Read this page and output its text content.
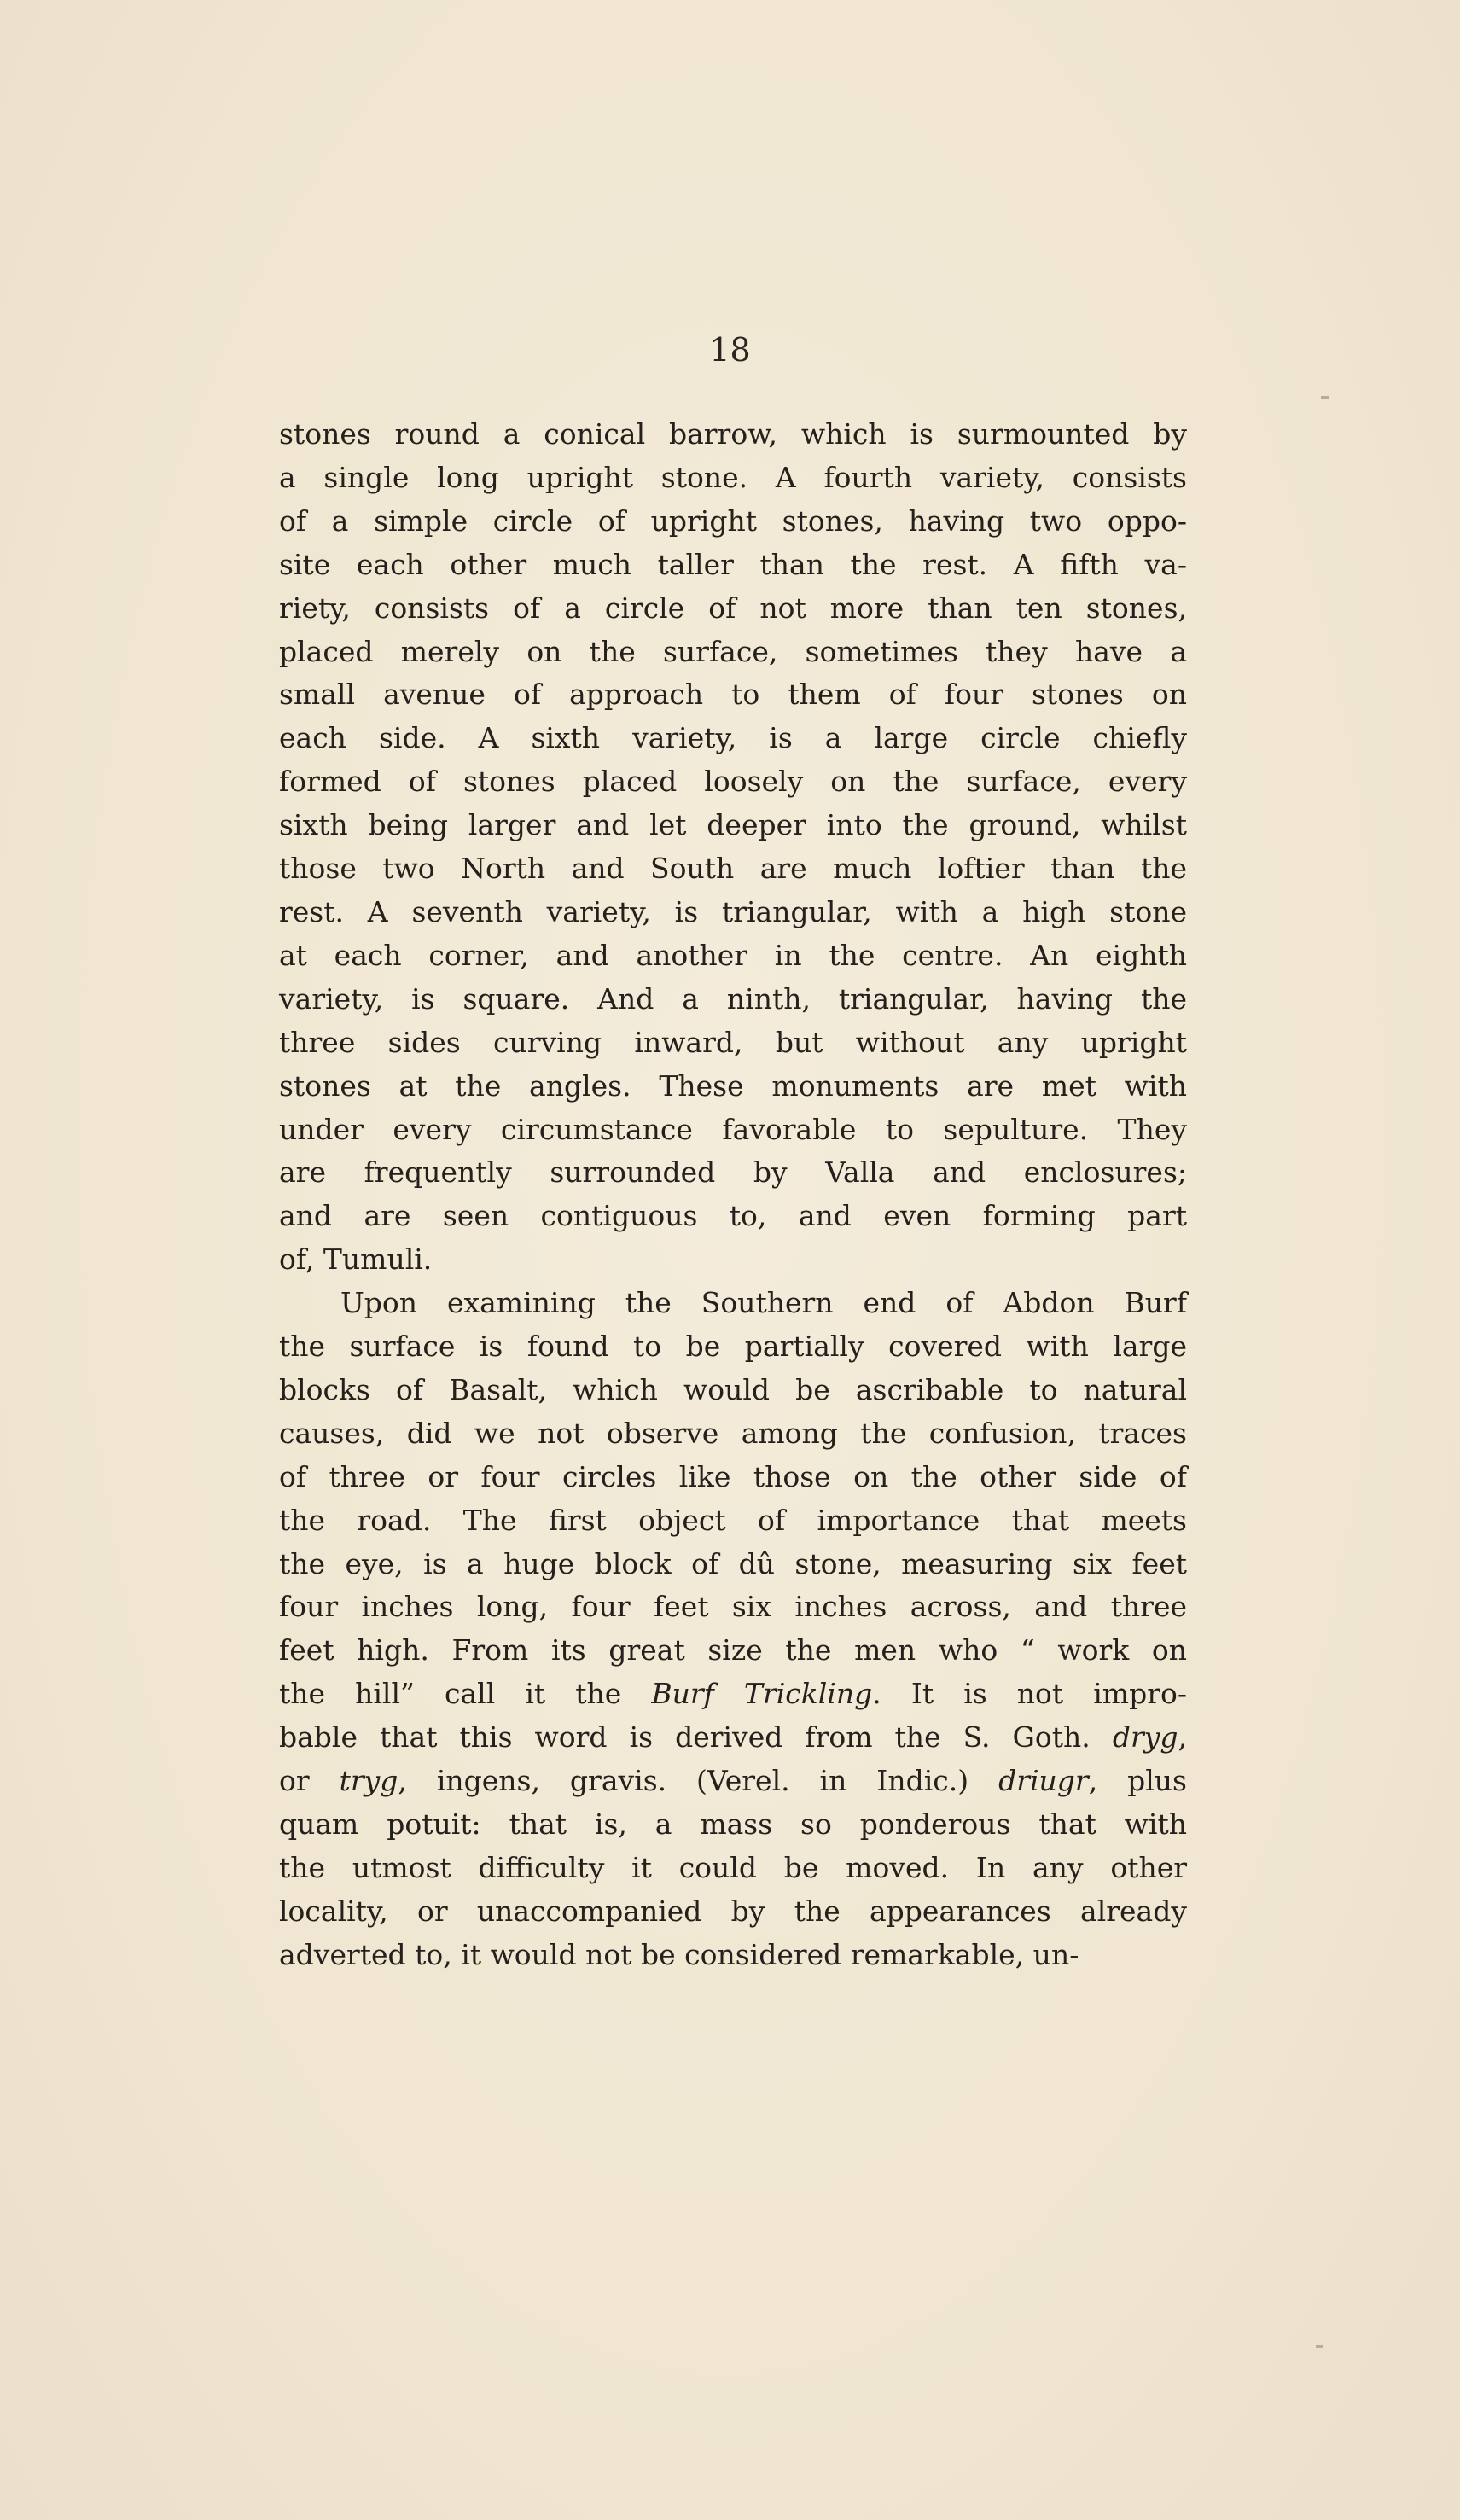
18
stones round a conical barrow, which is surmounted by
a single long upright stone. A fourth variety, consists
of a simple circle of upright stones, having two oppo-
site each other much taller than the rest. A fifth va-
riety, consists of a circle of not more than ten stones,
placed merely on the surface, sometimes they have a
small avenue of approach to them of four stones on
each side. A sixth variety, is a large circle chiefly
formed of stones placed loosely on the surface, every
sixth being larger and let deeper into the ground, whilst
those two North and South are much loftier than the
rest. A seventh variety, is triangular, with a high stone
at each corner, and another in the centre. An eighth
variety, is square. And a ninth, triangular, having the
three sides curving inward, but without any upright
stones at the angles. These monuments are met with
under every circumstance favorable to sepulture. They
are frequently surrounded by Valla and enclosures;
and are seen contiguous to, and even forming part
of, Tumuli.
Upon examining the Southern end of Abdon Burf
the surface is found to be partially covered with large
blocks of Basalt, which would be ascribable to natural
causes, did we not observe among the confusion, traces
of three or four circles like those on the other side of
the road. The first object of importance that meets
the eye, is a huge block of dû stone, measuring six feet
four inches long, four feet six inches across, and three
feet high. From its great size the men who “ work on
the hill” call it the Burf Trickling. It is not impro-
bable that this word is derived from the S. Goth. dryg,
or tryg, ingens, gravis. (Verel. in Indic.) driugr, plus
quam potuit: that is, a mass so ponderous that with
the utmost difficulty it could be moved. In any other
locality, or unaccompanied by the appearances already
adverted to, it would not be considered remarkable, un-
